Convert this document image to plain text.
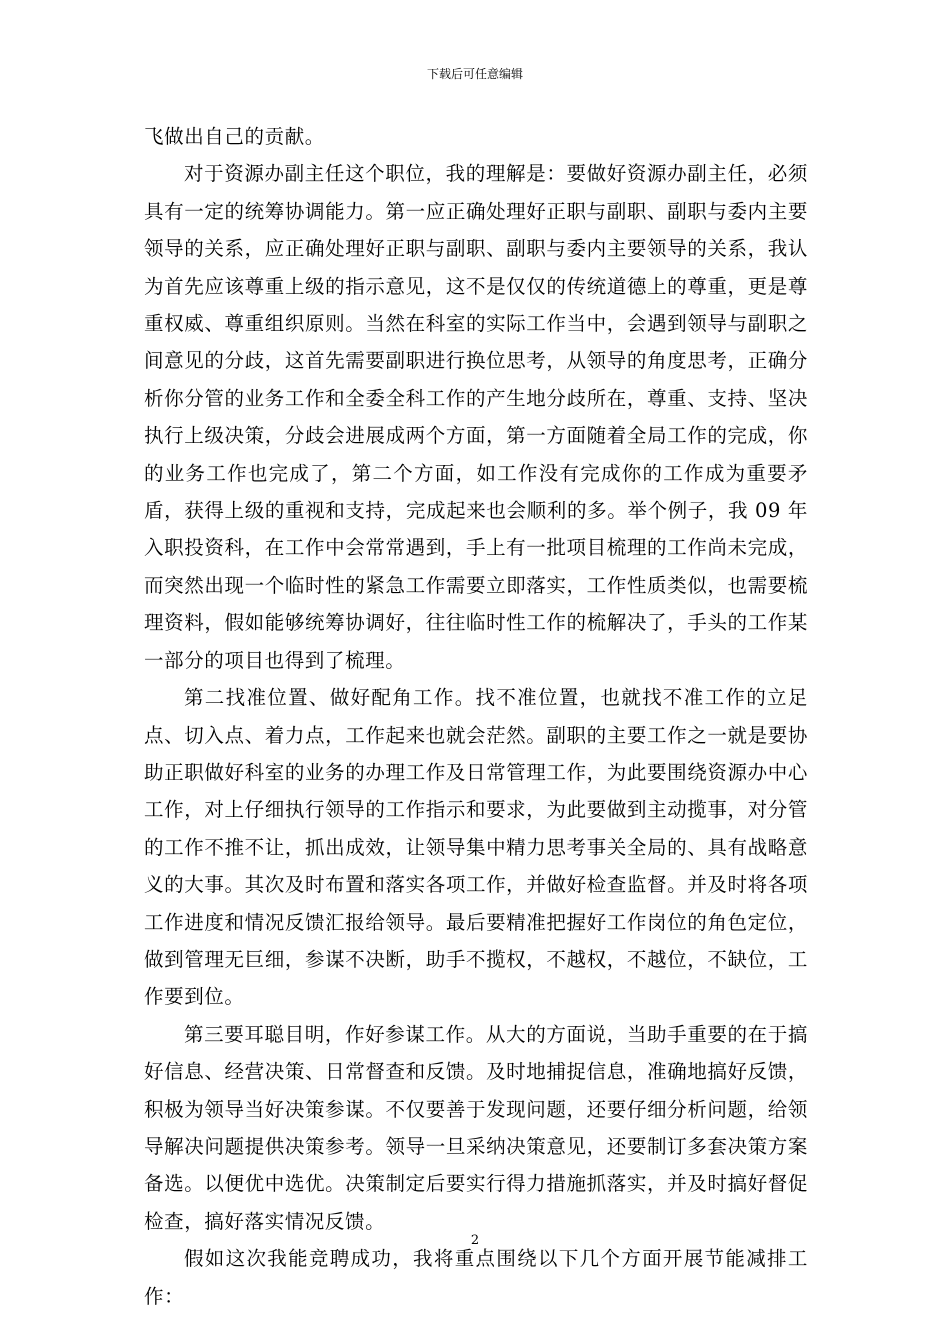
下载后可任意编辑

飞做出自己的贡献。

对于资源办副主任这个职位，我的理解是：要做好资源办副主任，必须具有一定的统筹协调能力。第一应正确处理好正职与副职、副职与委内主要领导的关系，应正确处理好正职与副职、副职与委内主要领导的关系，我认为首先应该尊重上级的指示意见，这不是仅仅的传统道德上的尊重，更是尊重权威、尊重组织原则。当然在科室的实际工作当中，会遇到领导与副职之间意见的分歧，这首先需要副职进行换位思考，从领导的角度思考，正确分析你分管的业务工作和全委全科工作的产生地分歧所在，尊重、支持、坚决执行上级决策，分歧会进展成两个方面，第一方面随着全局工作的完成，你的业务工作也完成了，第二个方面，如工作没有完成你的工作成为重要矛盾，获得上级的重视和支持，完成起来也会顺利的多。举个例子，我 09 年入职投资科，在工作中会常常遇到，手上有一批项目梳理的工作尚未完成，而突然出现一个临时性的紧急工作需要立即落实，工作性质类似，也需要梳理资料，假如能够统筹协调好，往往临时性工作的梳解决了，手头的工作某一部分的项目也得到了梳理。

第二找准位置、做好配角工作。找不准位置，也就找不准工作的立足点、切入点、着力点，工作起来也就会茫然。副职的主要工作之一就是要协助正职做好科室的业务的办理工作及日常管理工作，为此要围绕资源办中心工作，对上仔细执行领导的工作指示和要求，为此要做到主动揽事，对分管的工作不推不让，抓出成效，让领导集中精力思考事关全局的、具有战略意义的大事。其次及时布置和落实各项工作，并做好检查监督。并及时将各项工作进度和情况反馈汇报给领导。最后要精准把握好工作岗位的角色定位，做到管理无巨细，参谋不决断，助手不揽权，不越权，不越位，不缺位，工作要到位。

第三要耳聪目明，作好参谋工作。从大的方面说，当助手重要的在于搞好信息、经营决策、日常督查和反馈。及时地捕捉信息，准确地搞好反馈，积极为领导当好决策参谋。不仅要善于发现问题，还要仔细分析问题，给领导解决问题提供决策参考。领导一旦采纳决策意见，还要制订多套决策方案备选。以便优中选优。决策制定后要实行得力措施抓落实，并及时搞好督促检查，搞好落实情况反馈。

假如这次我能竞聘成功，我将重点围绕以下几个方面开展节能减排工作：

2
